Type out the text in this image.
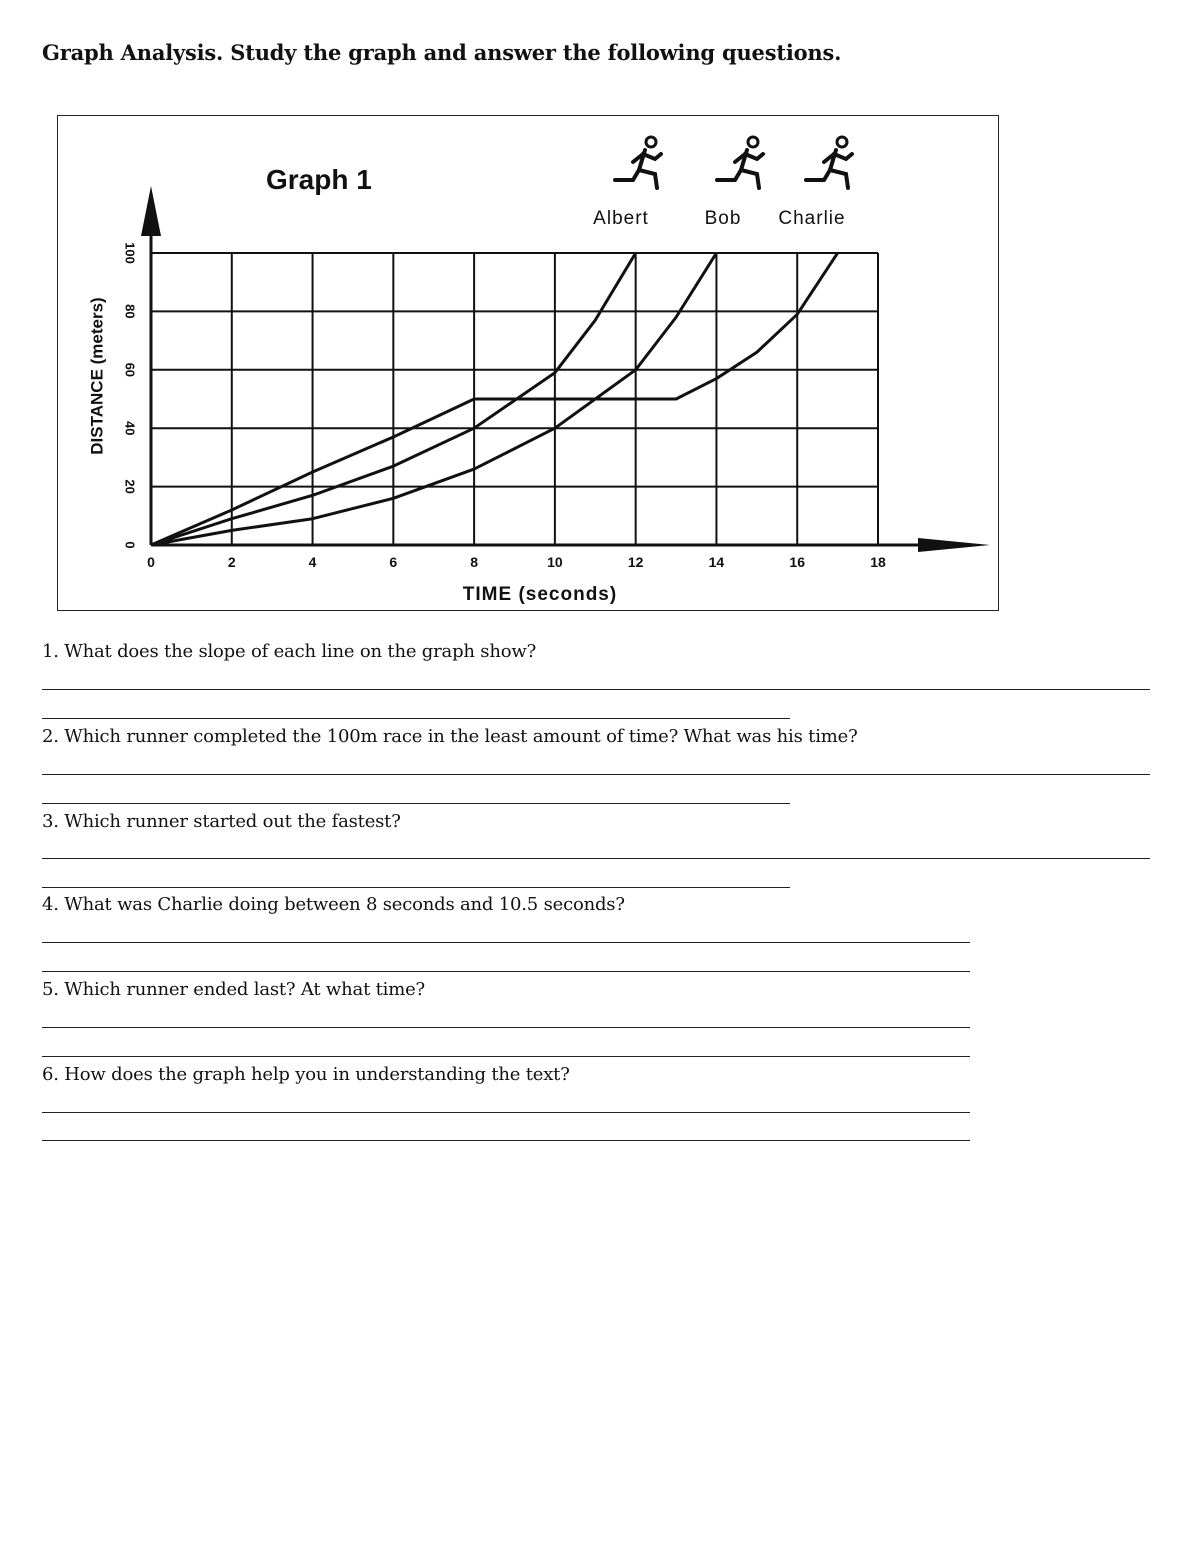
Graph Analysis. Study the graph and answer the following questions.
0	2	4	6	8	10	12	14	16	18
0
20
40
60
80
100
TIME (seconds)
DISTANCE (meters)
Graph 1
Albert	Bob Charlie
1. What does the slope of each line on the graph show?
2. Which runner completed the 100m race in the least amount of time? What was his time?
3. Which runner started out the fastest?
4. What was Charlie doing between 8 seconds and 10.5 seconds?
5. Which runner ended last? At what time?
6. How does the graph help you in understanding the text?
